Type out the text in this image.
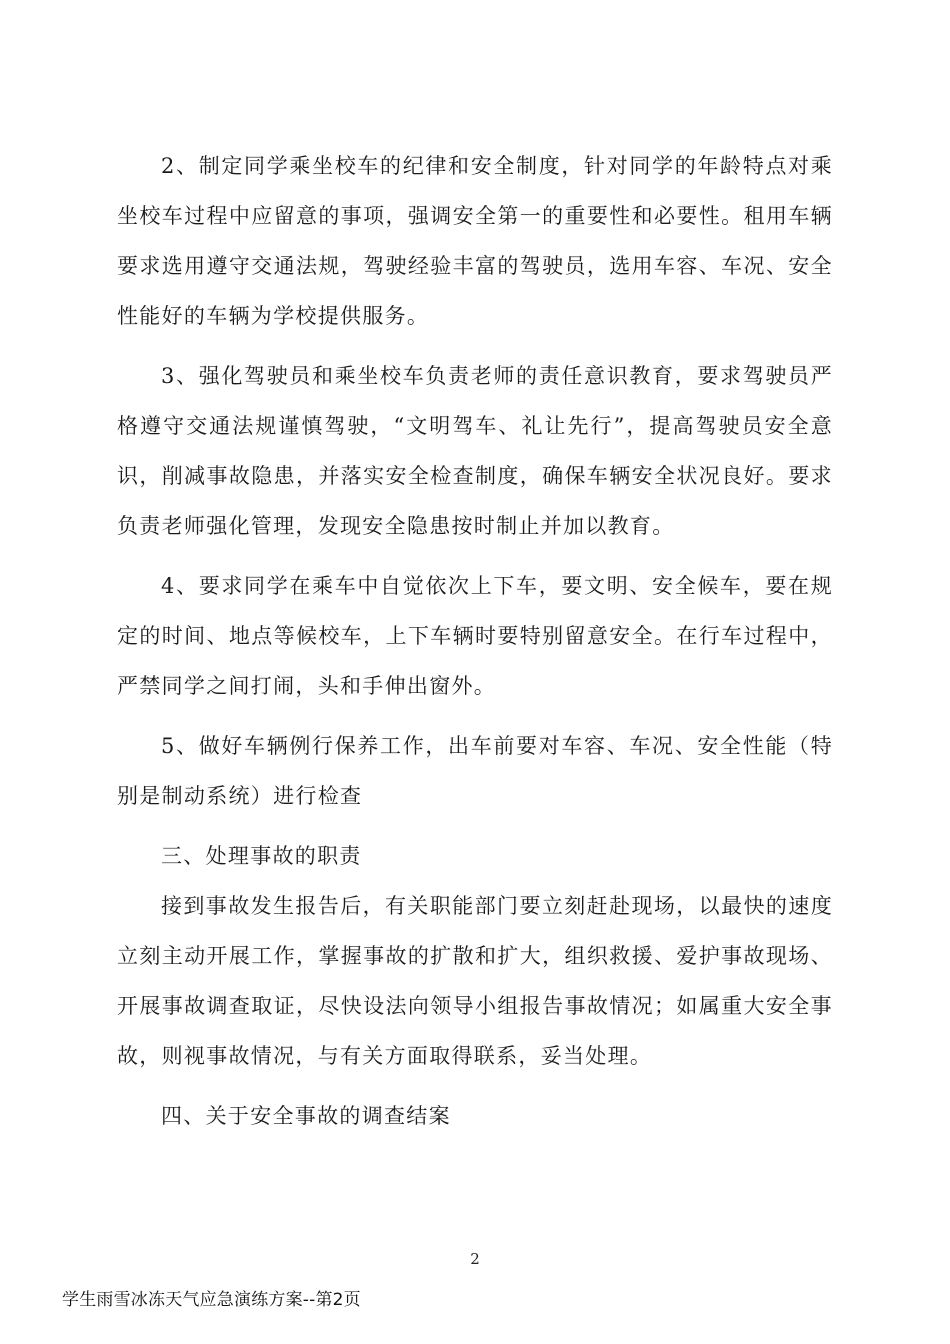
2、制定同学乘坐校车的纪律和安全制度，针对同学的年龄特点对乘坐校车过程中应留意的事项，强调安全第一的重要性和必要性。租用车辆要求选用遵守交通法规，驾驶经验丰富的驾驶员，选用车容、车况、安全性能好的车辆为学校提供服务。

3、强化驾驶员和乘坐校车负责老师的责任意识教育，要求驾驶员严格遵守交通法规谨慎驾驶，“文明驾车、礼让先行”，提高驾驶员安全意识，削减事故隐患，并落实安全检查制度，确保车辆安全状况良好。要求负责老师强化管理，发现安全隐患按时制止并加以教育。

4、要求同学在乘车中自觉依次上下车，要文明、安全候车，要在规定的时间、地点等候校车，上下车辆时要特别留意安全。在行车过程中，严禁同学之间打闹，头和手伸出窗外。

5、做好车辆例行保养工作，出车前要对车容、车况、安全性能（特别是制动系统）进行检查

三、处理事故的职责

接到事故发生报告后，有关职能部门要立刻赶赴现场，以最快的速度立刻主动开展工作，掌握事故的扩散和扩大，组织救援、爱护事故现场、开展事故调查取证，尽快设法向领导小组报告事故情况；如属重大安全事故，则视事故情况，与有关方面取得联系，妥当处理。

四、关于安全事故的调查结案

2
学生雨雪冰冻天气应急演练方案--第2页
